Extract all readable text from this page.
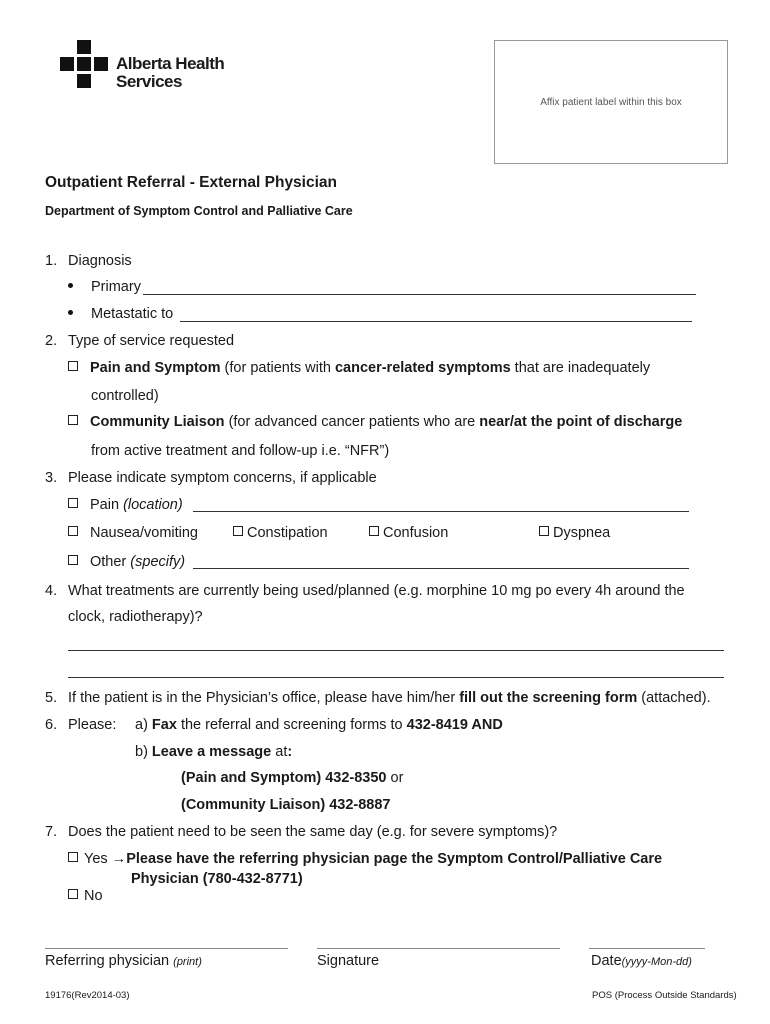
Alberta Health
Services
Affix patient label within this box
Outpatient Referral - External Physician
Department of Symptom Control and Palliative Care
1. Diagnosis
Primary
Metastatic to
2. Type of service requested
Pain and Symptom (for patients with cancer-related symptoms that are inadequately
controlled)
Community Liaison (for advanced cancer patients who are near/at the point of discharge
from active treatment and follow-up i.e. “NFR”)
3. Please indicate symptom concerns, if applicable
Pain (location)
Nausea/vomiting	Constipation	Confusion	Dyspnea
Other (specify)
4. What treatments are currently being used/planned (e.g. morphine 10 mg po every 4h around the
clock, radiotherapy)?
5. If the patient is in the Physician’s office, please have him/her fill out the screening form (attached).
6. Please: a) Fax the referral and screening forms to 432-8419 AND
b) Leave a message at:
(Pain and Symptom) 432-8350 or
(Community Liaison) 432-8887
7. Does the patient need to be seen the same day (e.g. for severe symptoms)?
Yes →Please have the referring physician page the Symptom Control/Palliative Care
Physician (780-432-8771)
No
Referring physician (print)	Signature	Date(yyyy-Mon-dd)
19176(Rev2014-03)	POS (Process Outside Standards)
